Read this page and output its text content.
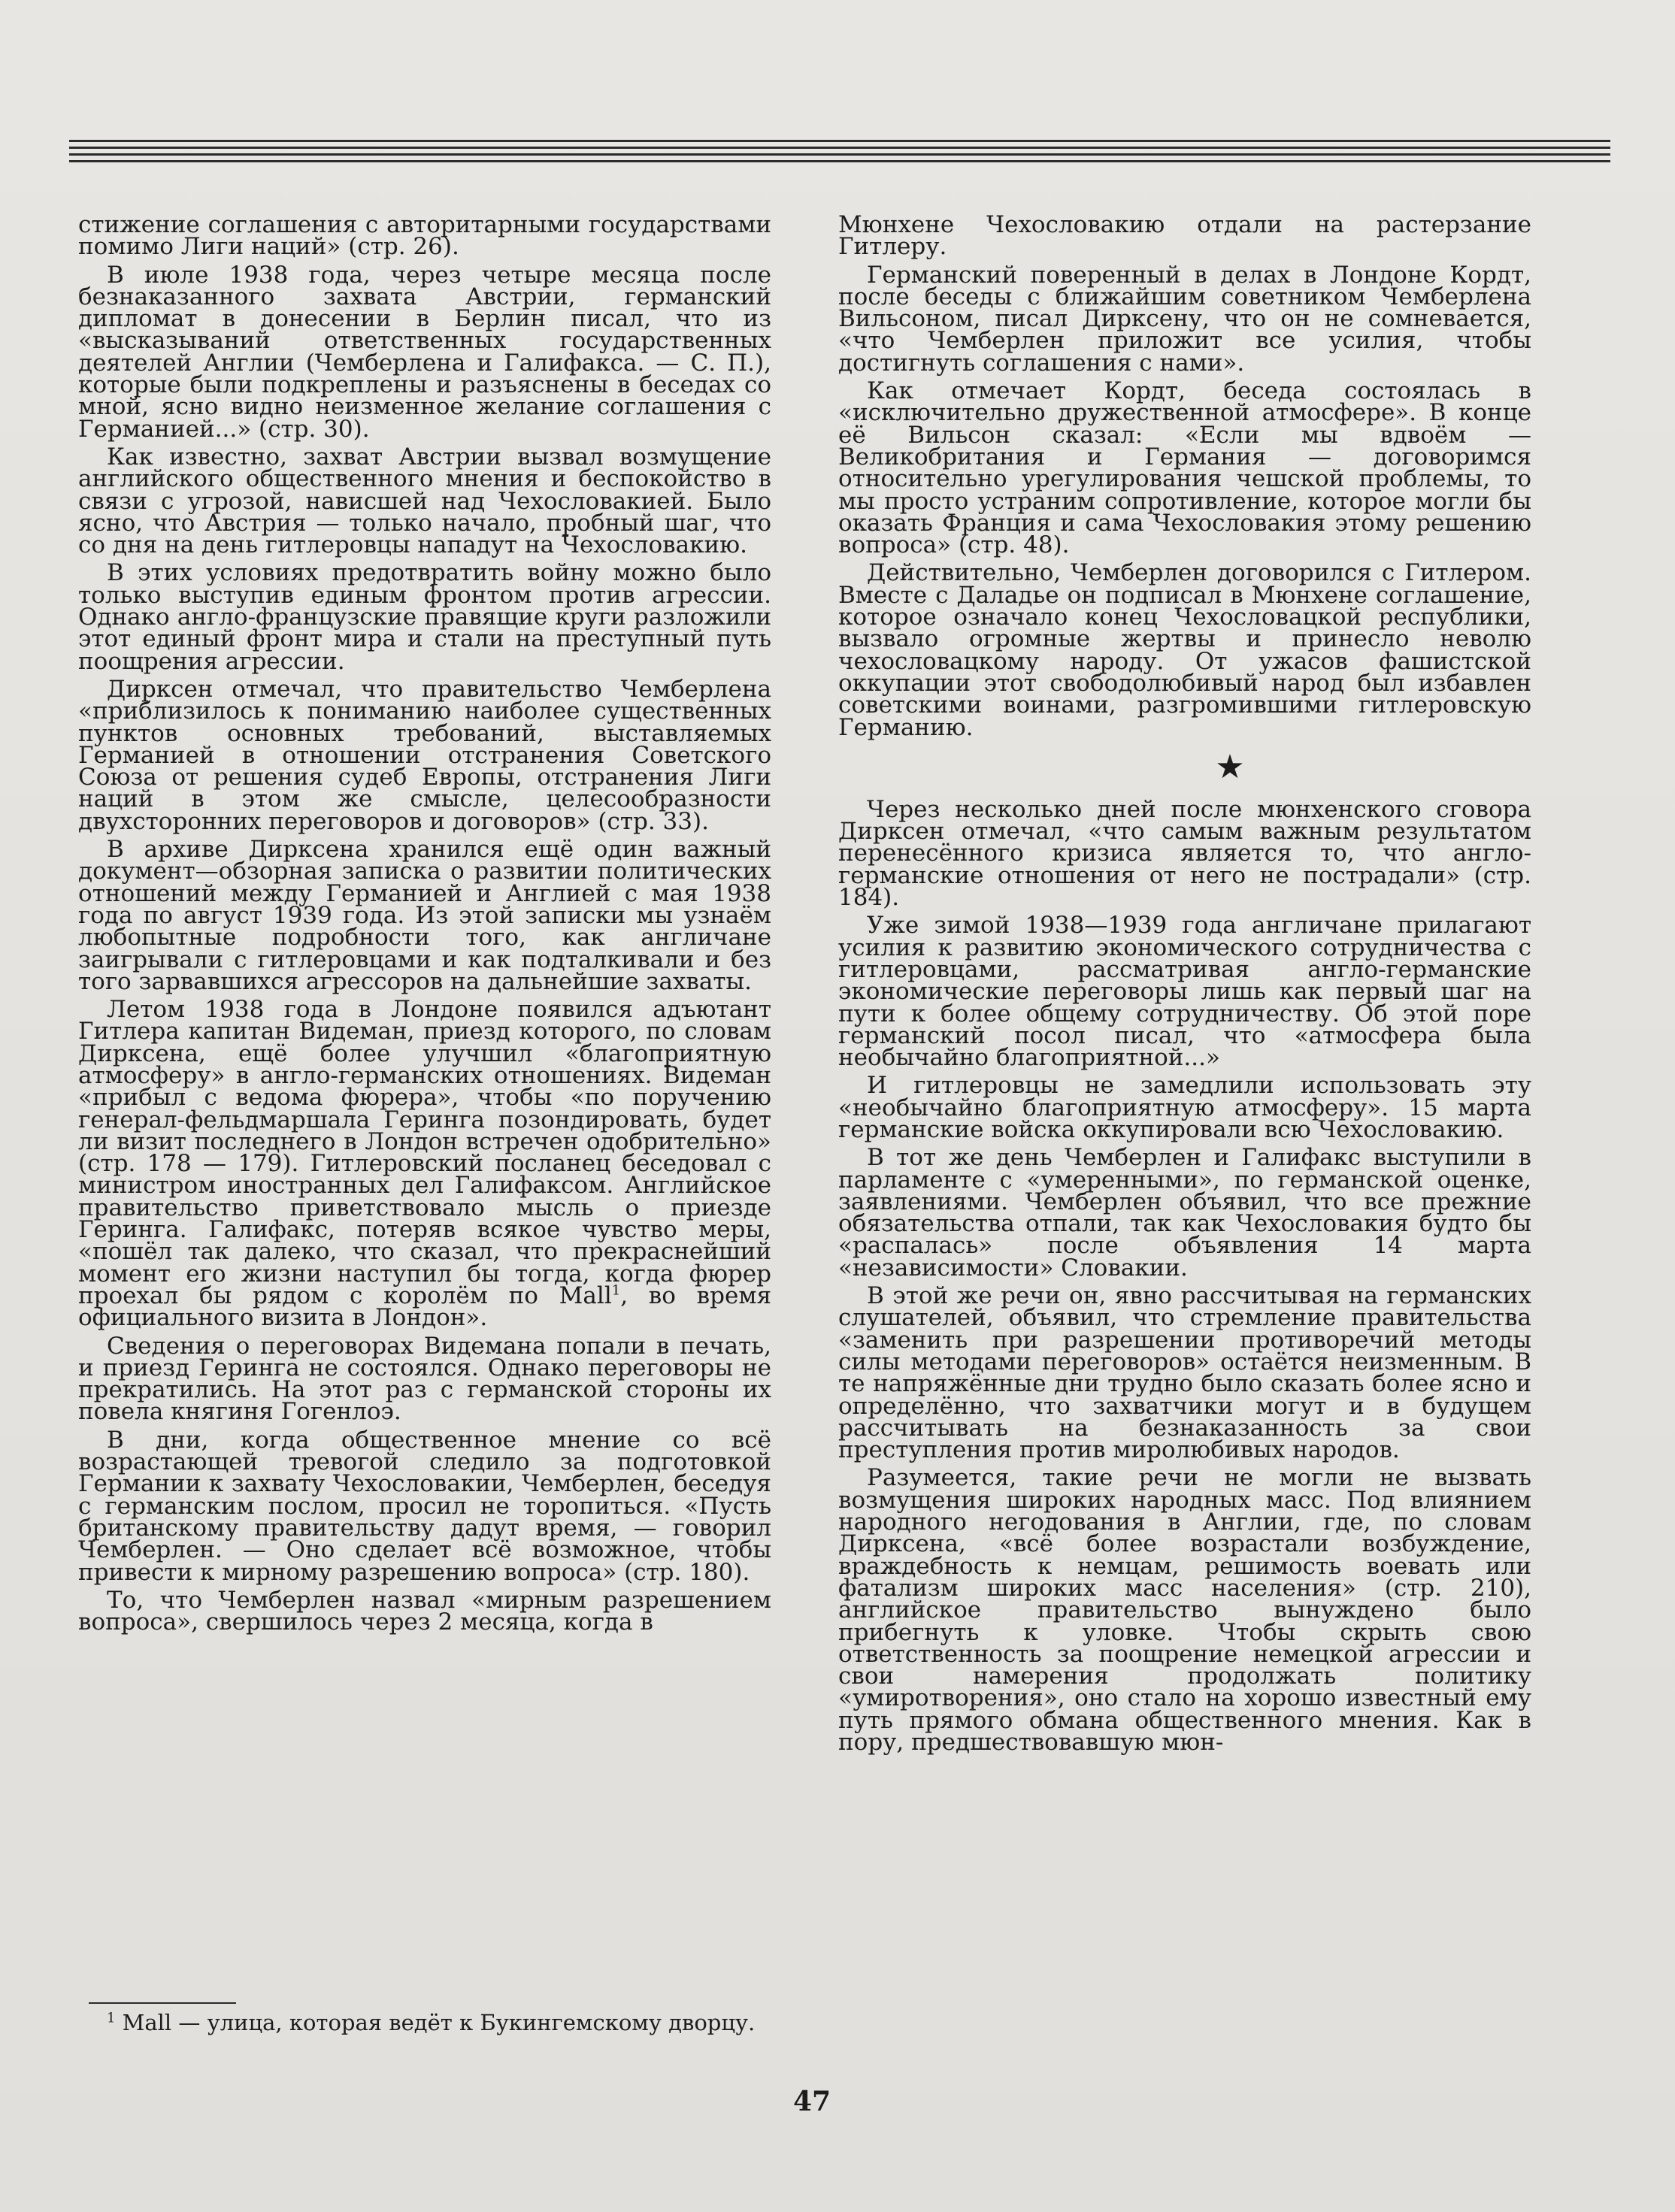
стижение соглашения с авторитарными государствами помимо Лиги наций» (стр. 26).

В июле 1938 года, через четыре месяца после безнаказанного захвата Австрии, германский дипломат в донесении в Берлин писал, что из «высказываний ответственных государственных деятелей Англии (Чемберлена и Галифакса. — С. П.), которые были подкреплены и разъяснены в беседах со мной, ясно видно неизменное желание соглашения с Германией...» (стр. 30).

Как известно, захват Австрии вызвал возмущение английского общественного мнения и беспокойство в связи с угрозой, нависшей над Чехословакией. Было ясно, что Австрия — только начало, пробный шаг, что со дня на день гитлеровцы нападут на Чехословакию.

В этих условиях предотвратить войну можно было только выступив единым фронтом против агрессии. Однако англо-французские правящие круги разложили этот единый фронт мира и стали на преступный путь поощрения агрессии.

Дирксен отмечал, что правительство Чемберлена «приблизилось к пониманию наиболее существенных пунктов основных требований, выставляемых Германией в отношении отстранения Советского Союза от решения судеб Европы, отстранения Лиги наций в этом же смысле, целесообразности двухсторонних переговоров и договоров» (стр. 33).

В архиве Дирксена хранился ещё один важный документ—обзорная записка о развитии политических отношений между Германией и Англией с мая 1938 года по август 1939 года. Из этой записки мы узнаём любопытные подробности того, как англичане заигрывали с гитлеровцами и как подталкивали и без того зарвавшихся агрессоров на дальнейшие захваты.

Летом 1938 года в Лондоне появился адъютант Гитлера капитан Видеман, приезд которого, по словам Дирксена, ещё более улучшил «благоприятную атмосферу» в англо-германских отношениях. Видеман «прибыл с ведома фюрера», чтобы «по поручению генерал-фельдмаршала Геринга позондировать, будет ли визит последнего в Лондон встречен одобрительно» (стр. 178 — 179). Гитлеровский посланец беседовал с министром иностранных дел Галифаксом. Английское правительство приветствовало мысль о приезде Геринга. Галифакс, потеряв всякое чувство меры, «пошёл так далеко, что сказал, что прекраснейший момент его жизни наступил бы тогда, когда фюрер проехал бы рядом с королём по Mall$^1$, во время официального визита в Лондон».

Сведения о переговорах Видемана попали в печать, и приезд Геринга не состоялся. Однако переговоры не прекратились. На этот раз с германской стороны их повела княгиня Гогенлоэ.

В дни, когда общественное мнение со всё возрастающей тревогой следило за подготовкой Германии к захвату Чехословакии, Чемберлен, беседуя с германским послом, просил не торопиться. «Пусть британскому правительству дадут время, — говорил Чемберлен. — Оно сделает всё возможное, чтобы привести к мирному разрешению вопроса» (стр. 180).

То, что Чемберлен назвал «мирным разрешением вопроса», свершилось через 2 месяца, когда в

Мюнхене Чехословакию отдали на растерзание Гитлеру.

Германский поверенный в делах в Лондоне Кордт, после беседы с ближайшим советником Чемберлена Вильсоном, писал Дирксену, что он не сомневается, «что Чемберлен приложит все усилия, чтобы достигнуть соглашения с нами».

Как отмечает Кордт, беседа состоялась в «исключительно дружественной атмосфере». В конце её Вильсон сказал: «Если мы вдвоём — Великобритания и Германия — договоримся относительно урегулирования чешской проблемы, то мы просто устраним сопротивление, которое могли бы оказать Франция и сама Чехословакия этому решению вопроса» (стр. 48).

Действительно, Чемберлен договорился с Гитлером. Вместе с Даладье он подписал в Мюнхене соглашение, которое означало конец Чехословацкой республики, вызвало огромные жертвы и принесло неволю чехословацкому народу. От ужасов фашистской оккупации этот свободолюбивый народ был избавлен советскими воинами, разгромившими гитлеровскую Германию.

★

Через несколько дней после мюнхенского сговора Дирксен отмечал, «что самым важным результатом перенесённого кризиса является то, что англо-германские отношения от него не пострадали» (стр. 184).

Уже зимой 1938—1939 года англичане прилагают усилия к развитию экономического сотрудничества с гитлеровцами, рассматривая англо-германские экономические переговоры лишь как первый шаг на пути к более общему сотрудничеству. Об этой поре германский посол писал, что «атмосфера была необычайно благоприятной...»

И гитлеровцы не замедлили использовать эту «необычайно благоприятную атмосферу». 15 марта германские войска оккупировали всю Чехословакию.

В тот же день Чемберлен и Галифакс выступили в парламенте с «умеренными», по германской оценке, заявлениями. Чемберлен объявил, что все прежние обязательства отпали, так как Чехословакия будто бы «распалась» после объявления 14 марта «независимости» Словакии.

В этой же речи он, явно рассчитывая на германских слушателей, объявил, что стремление правительства «заменить при разрешении противоречий методы силы методами переговоров» остаётся неизменным. В те напряжённые дни трудно было сказать более ясно и определённо, что захватчики могут и в будущем рассчитывать на безнаказанность за свои преступления против миролюбивых народов.

Разумеется, такие речи не могли не вызвать возмущения широких народных масс. Под влиянием народного негодования в Англии, где, по словам Дирксена, «всё более возрастали возбуждение, враждебность к немцам, решимость воевать или фатализм широких масс населения» (стр. 210), английское правительство вынуждено было прибегнуть к уловке. Чтобы скрыть свою ответственность за поощрение немецкой агрессии и свои намерения продолжать политику «умиротворения», оно стало на хорошо известный ему путь прямого обмана общественного мнения. Как в пору, предшествовавшую мюн-

$^1$ Mall — улица, которая ведёт к Букингемскому дворцу.
47
